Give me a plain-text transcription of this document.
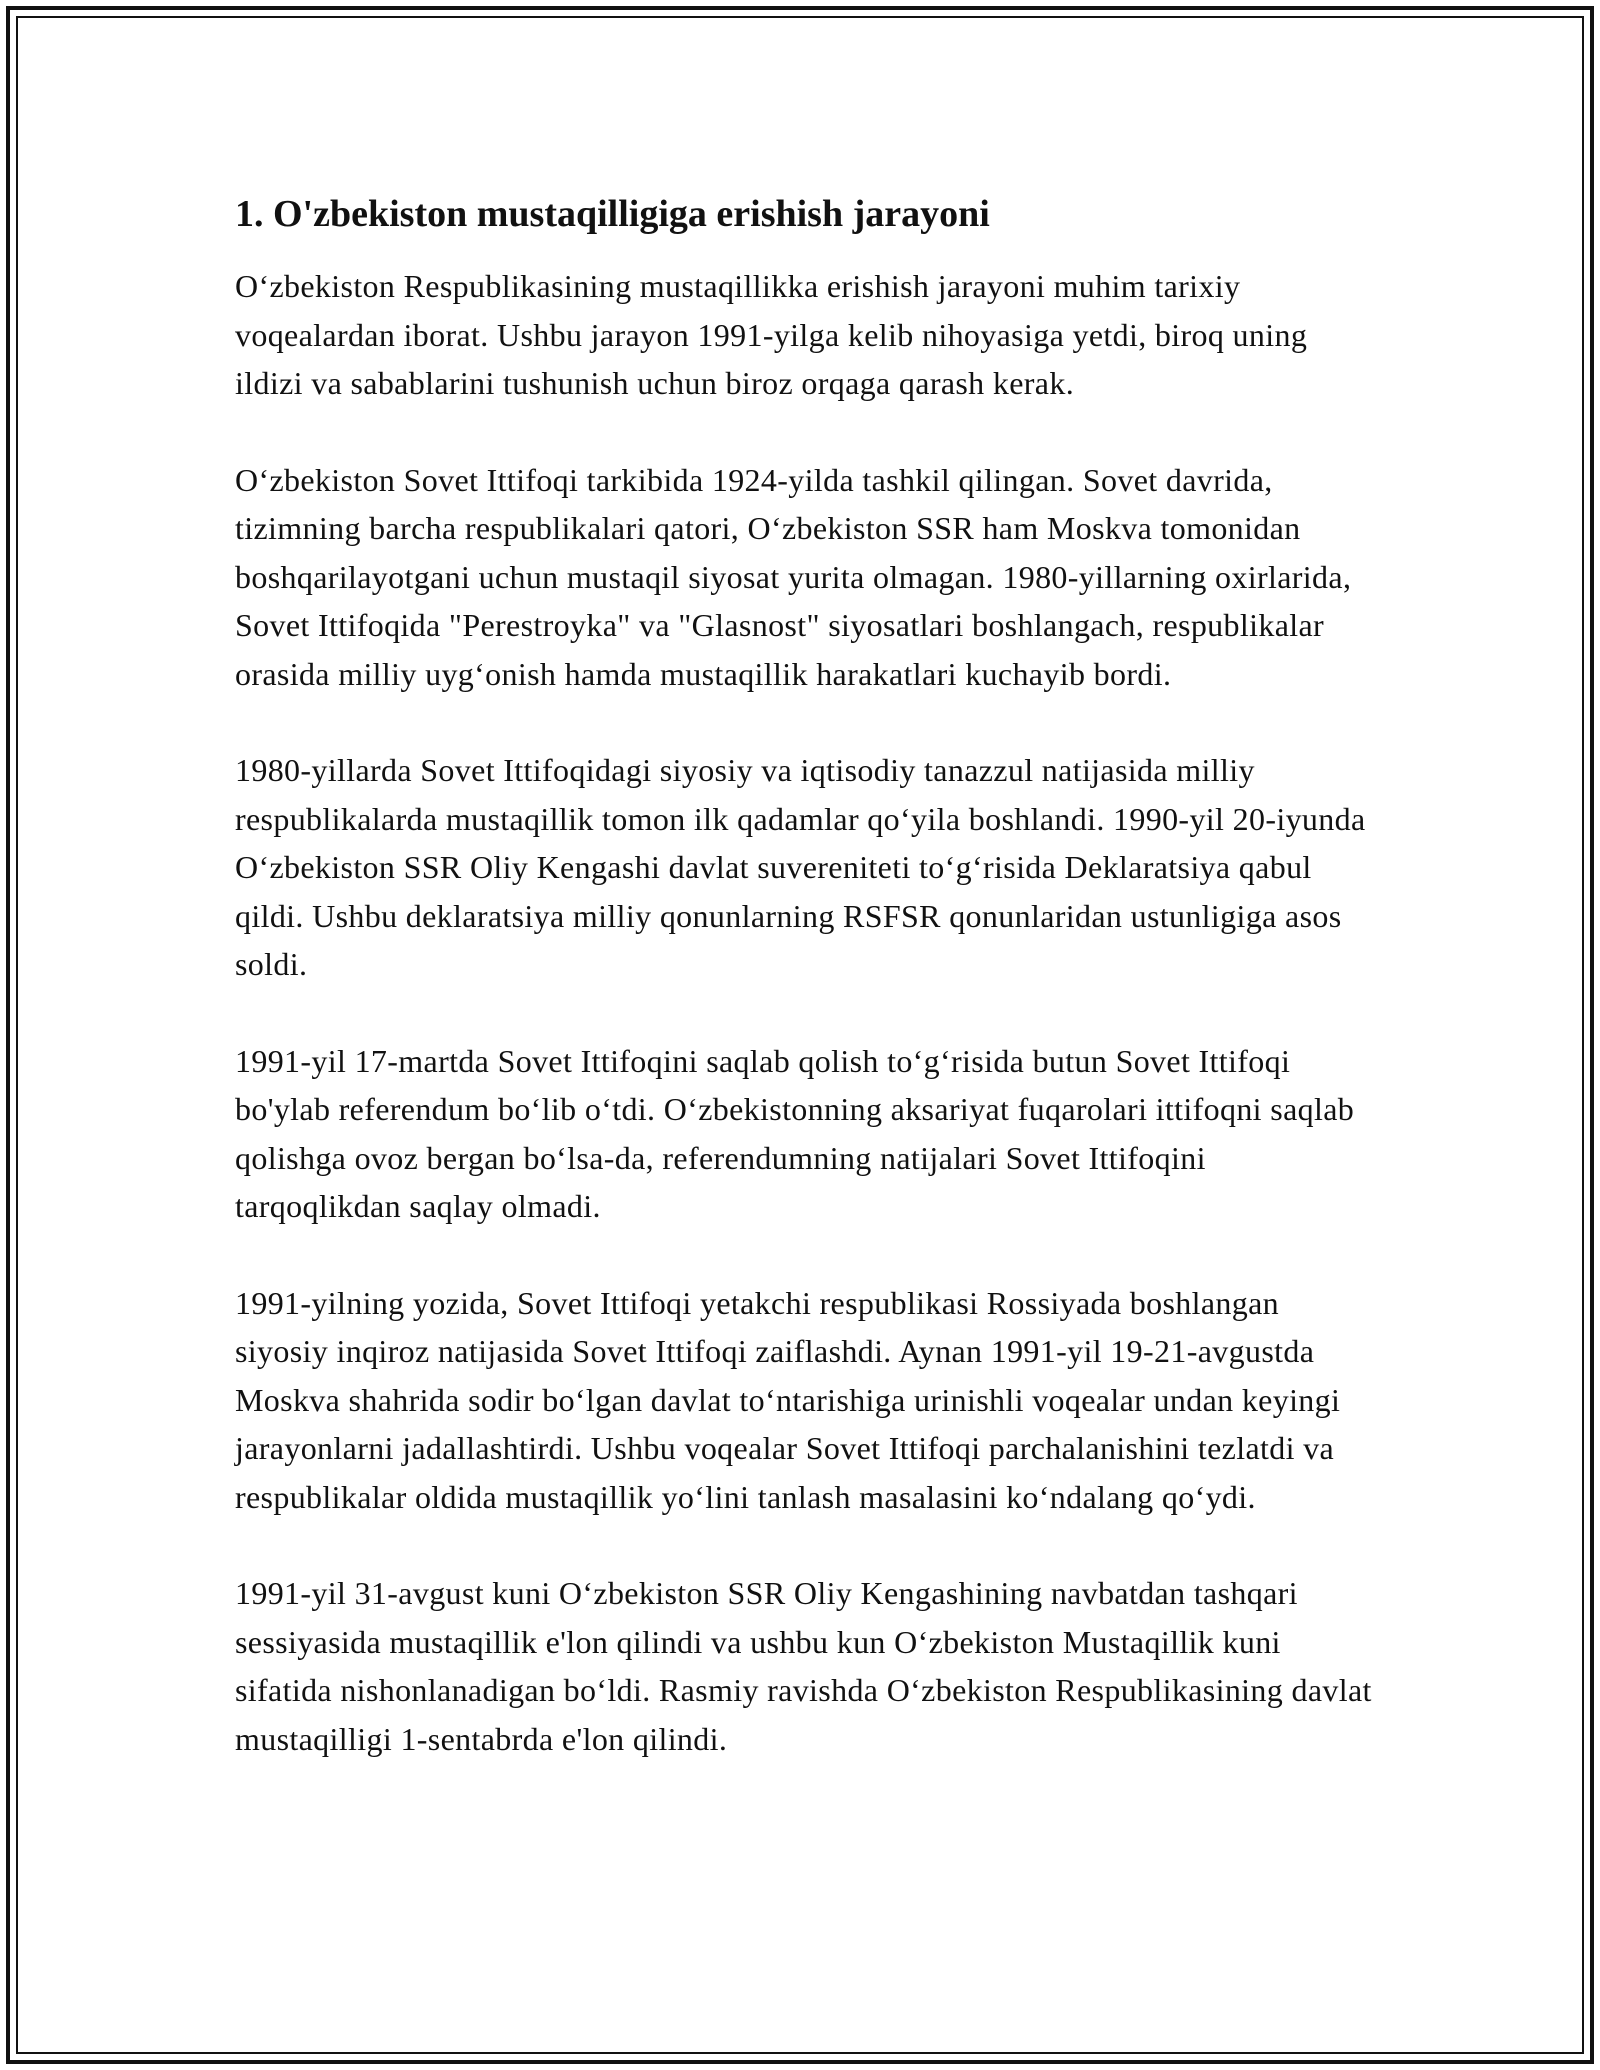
1. O'zbekiston mustaqilligiga erishish jarayoni

O‘zbekiston Respublikasining mustaqillikka erishish jarayoni muhim tarixiy voqealardan iborat. Ushbu jarayon 1991-yilga kelib nihoyasiga yetdi, biroq uning ildizi va sabablarini tushunish uchun biroz orqaga qarash kerak.

O‘zbekiston Sovet Ittifoqi tarkibida 1924-yilda tashkil qilingan. Sovet davrida, tizimning barcha respublikalari qatori, O‘zbekiston SSR ham Moskva tomonidan boshqarilayotgani uchun mustaqil siyosat yurita olmagan. 1980-yillarning oxirlarida, Sovet Ittifoqida "Perestroyka" va "Glasnost" siyosatlari boshlangach, respublikalar orasida milliy uyg‘onish hamda mustaqillik harakatlari kuchayib bordi.

1980-yillarda Sovet Ittifoqidagi siyosiy va iqtisodiy tanazzul natijasida milliy respublikalarda mustaqillik tomon ilk qadamlar qo‘yila boshlandi. 1990-yil 20-iyunda O‘zbekiston SSR Oliy Kengashi davlat suvereniteti to‘g‘risida Deklaratsiya qabul qildi. Ushbu deklaratsiya milliy qonunlarning RSFSR qonunlaridan ustunligiga asos soldi.

1991-yil 17-martda Sovet Ittifoqini saqlab qolish to‘g‘risida butun Sovet Ittifoqi bo'ylab referendum bo‘lib o‘tdi. O‘zbekistonning aksariyat fuqarolari ittifoqni saqlab qolishga ovoz bergan bo‘lsa-da, referendumning natijalari Sovet Ittifoqini tarqoqlikdan saqlay olmadi.

1991-yilning yozida, Sovet Ittifoqi yetakchi respublikasi Rossiyada boshlangan siyosiy inqiroz natijasida Sovet Ittifoqi zaiflashdi. Aynan 1991-yil 19-21-avgustda Moskva shahrida sodir bo‘lgan davlat to‘ntarishiga urinishli voqealar undan keyingi jarayonlarni jadallashtirdi. Ushbu voqealar Sovet Ittifoqi parchalanishini tezlatdi va respublikalar oldida mustaqillik yo‘lini tanlash masalasini ko‘ndalang qo‘ydi.

1991-yil 31-avgust kuni O‘zbekiston SSR Oliy Kengashining navbatdan tashqari sessiyasida mustaqillik e'lon qilindi va ushbu kun O‘zbekiston Mustaqillik kuni sifatida nishonlanadigan bo‘ldi. Rasmiy ravishda O‘zbekiston Respublikasining davlat mustaqilligi 1-sentabrda e'lon qilindi.
